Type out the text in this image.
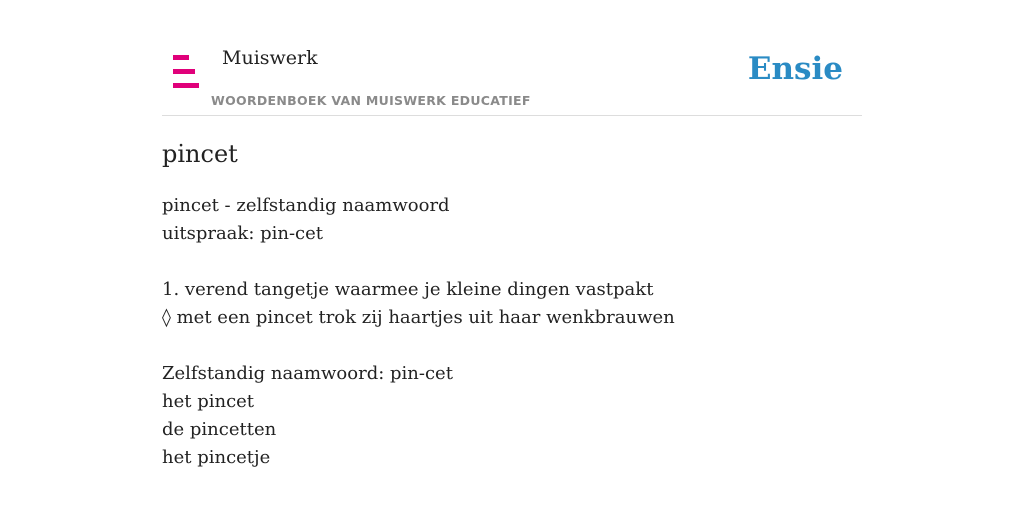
Muiswerk
WOORDENBOEK VAN MUISWERK EDUCATIEF
Ensie
pincet
pincet - zelfstandig naamwoord
uitspraak: pin-cet
1. verend tangetje waarmee je kleine dingen vastpakt
◊ met een pincet trok zij haartjes uit haar wenkbrauwen
Zelfstandig naamwoord: pin-cet
het pincet
de pincetten
het pincetje
